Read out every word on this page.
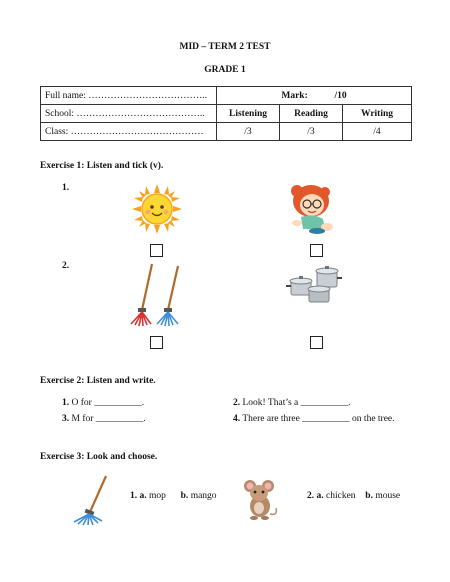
MID – TERM 2 TEST
GRADE 1
Full name: ………………………………..	Mark: /10		
School: …………………………………..	Listening	Reading	Writing
Class: ……………………………………	/3	/3	/4
Exercise 1: Listen and tick (v).
1.
2.
Exercise 2: Listen and write.
1. O for __________.	2. Look! That’s a __________.
3. M for __________.	4. There are three __________ on the tree.
Exercise 3: Look and choose.
1. a. mop b. mango	2. a. chicken b. mouse
